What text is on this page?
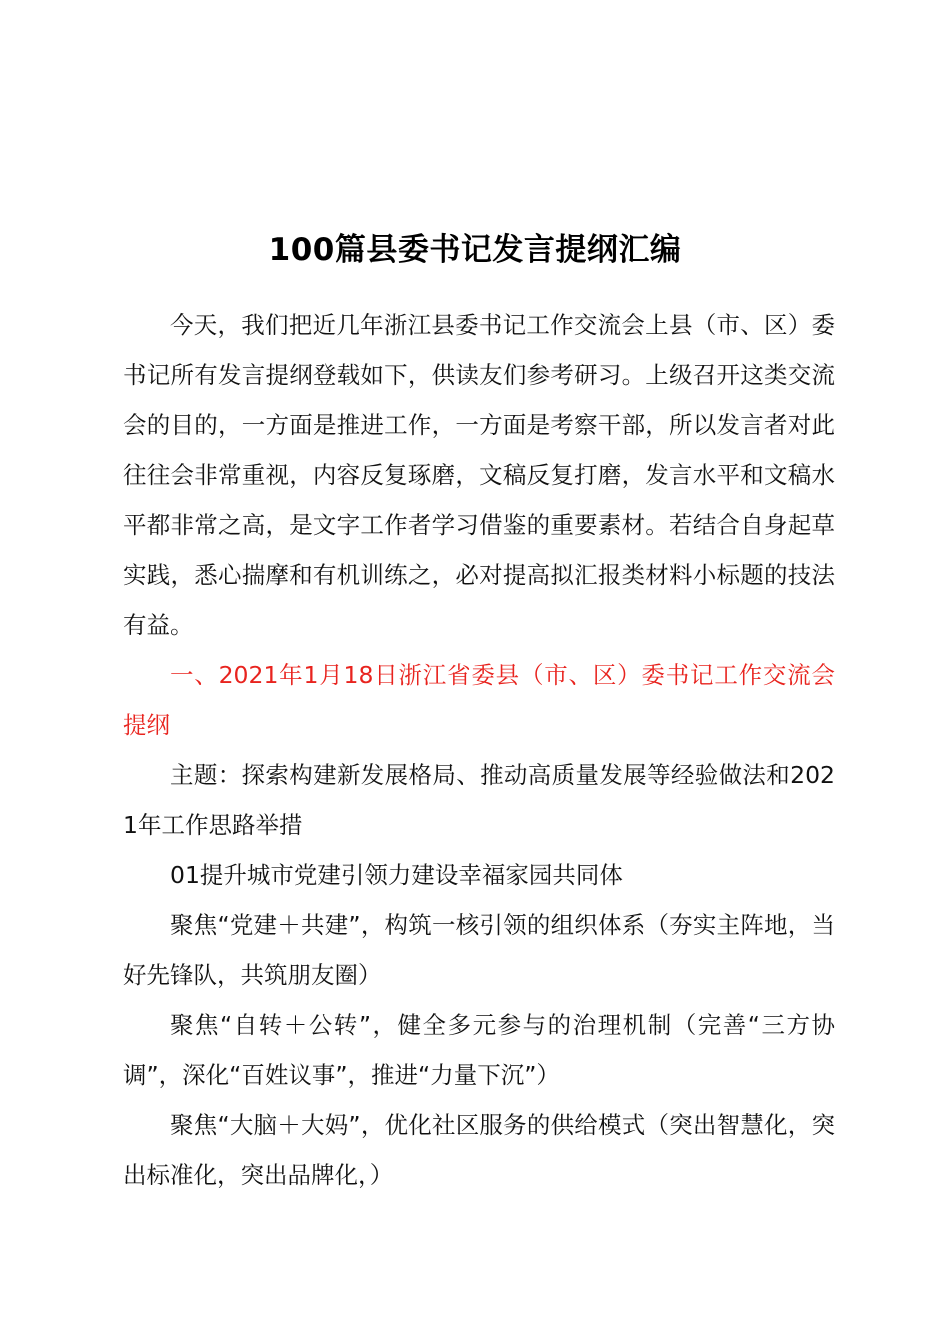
100篇县委书记发言提纲汇编

今天，我们把近几年浙江县委书记工作交流会上县（市、区）委书记所有发言提纲登载如下，供读友们参考研习。上级召开这类交流会的目的，一方面是推进工作，一方面是考察干部，所以发言者对此往往会非常重视，内容反复琢磨，文稿反复打磨，发言水平和文稿水平都非常之高，是文字工作者学习借鉴的重要素材。若结合自身起草实践，悉心揣摩和有机训练之，必对提高拟汇报类材料小标题的技法有益。

一、2021年1月18日浙江省委县（市、区）委书记工作交流会提纲

主题：探索构建新发展格局、推动高质量发展等经验做法和2021年工作思路举措

01提升城市党建引领力建设幸福家园共同体

聚焦“党建＋共建”，构筑一核引领的组织体系（夯实主阵地，当好先锋队，共筑朋友圈）

聚焦“自转＋公转”，健全多元参与的治理机制（完善“三方协调”，深化“百姓议事”，推进“力量下沉”）

聚焦“大脑＋大妈”，优化社区服务的供给模式（突出智慧化，突出标准化，突出品牌化，）
